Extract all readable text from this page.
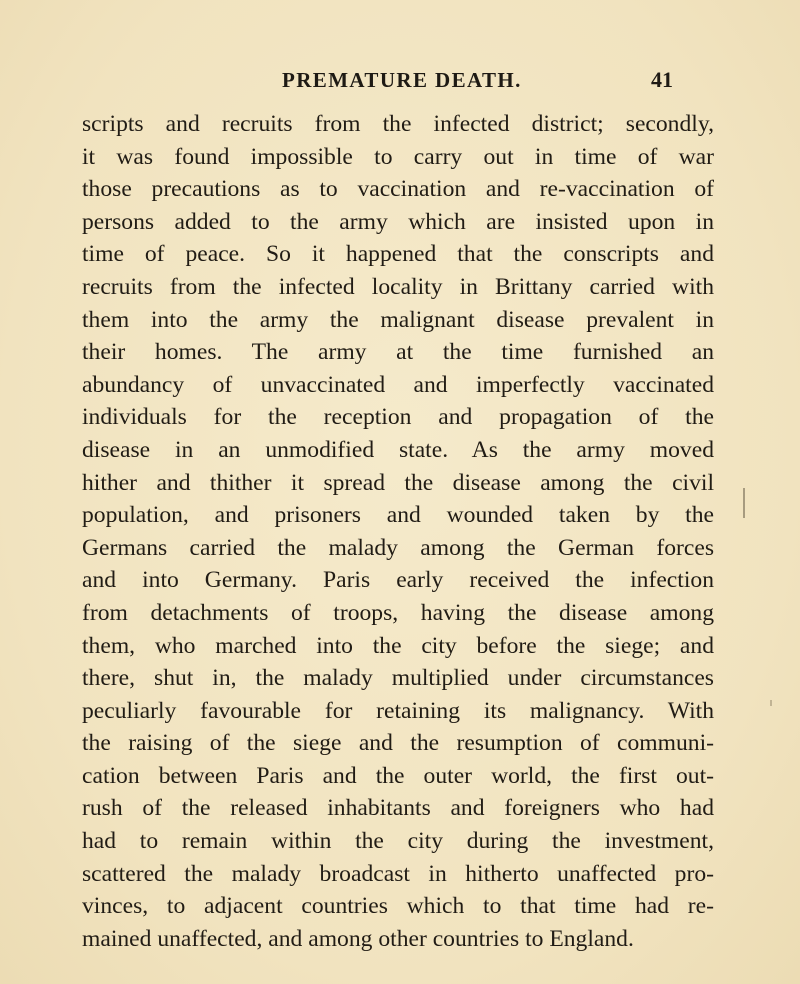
PREMATURE DEATH.	41
scripts and recruits from the infected district; secondly,
it was found impossible to carry out in time of war
those precautions as to vaccination and re-vaccination of
persons added to the army which are insisted upon in
time of peace. So it happened that the conscripts and
recruits from the infected locality in Brittany carried with
them into the army the malignant disease prevalent in
their homes. The army at the time furnished an
abundancy of unvaccinated and imperfectly vaccinated
individuals for the reception and propagation of the
disease in an unmodified state. As the army moved
hither and thither it spread the disease among the civil
population, and prisoners and wounded taken by the
Germans carried the malady among the German forces
and into Germany. Paris early received the infection
from detachments of troops, having the disease among
them, who marched into the city before the siege; and
there, shut in, the malady multiplied under circumstances
peculiarly favourable for retaining its malignancy. With
the raising of the siege and the resumption of communi-
cation between Paris and the outer world, the first out-
rush of the released inhabitants and foreigners who had
had to remain within the city during the investment,
scattered the malady broadcast in hitherto unaffected pro-
vinces, to adjacent countries which to that time had re-
mained unaffected, and among other countries to England.
